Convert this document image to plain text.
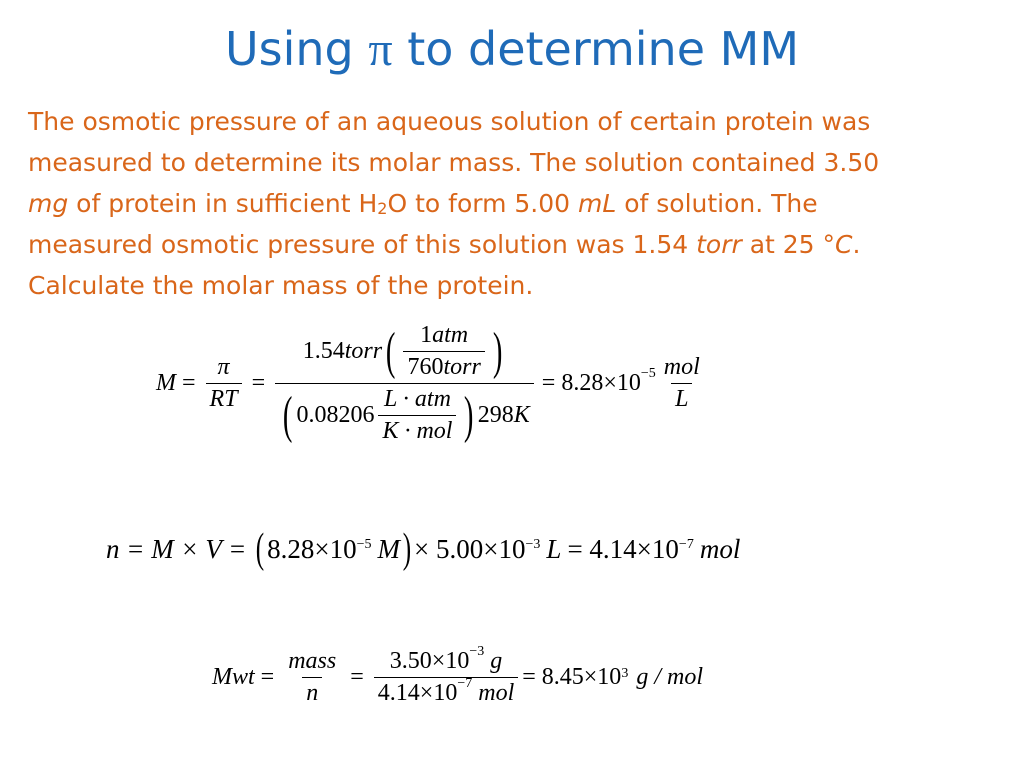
Using π to determine MM
The osmotic pressure of an aqueous solution of certain protein was
measured to determine its molar mass. The solution contained 3.50
mg of protein in sufficient $H_2O$ to form 5.00 mL of solution. The
measured osmotic pressure of this solution was 1.54 torr at 25 °C.
Calculate the molar mass of the protein.
$M = \frac{\pi}{RT}$ =
1.54 torr ( $\frac{\text{1atm}}{\text{760torr}}$ )
( $0.08206 \frac{\text{L · atm}}{\text{K · mol}}$ ) 298 K
= $8.28\times 10^{-5} \frac{\text{mol}}{L}$
n = M × V = ( $8.28\times 10^{-5}$ M ) × $5.00\times 10^{-3}$ $L = 4.14\times 10^{-7}$ mol
Mwt = $\frac{\text{mass}}{n} = \frac{3.50\times 10^{-3} g}{4.14\times 10^{-7} mol} = 8.45\times 10^3$ g / mol
